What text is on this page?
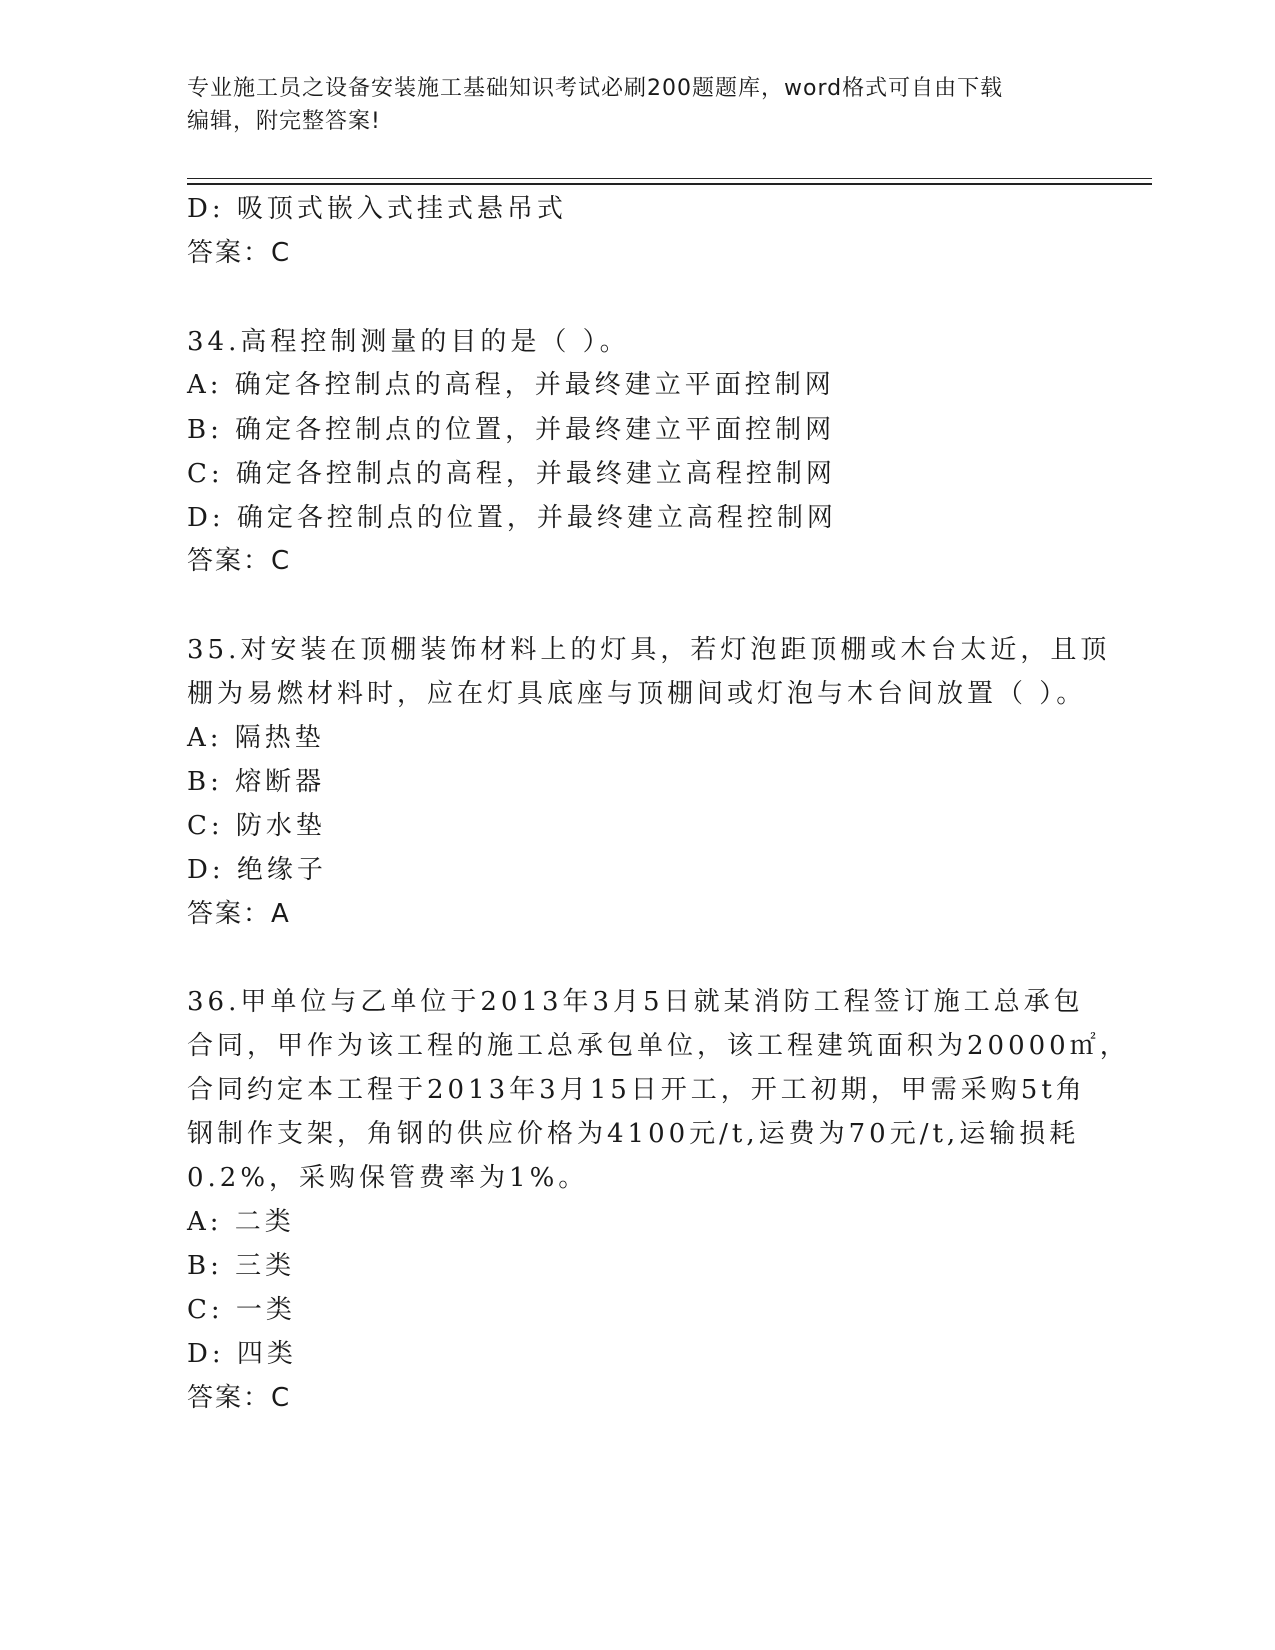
专业施工员之设备安装施工基础知识考试必刷200题题库，word格式可自由下载
编辑，附完整答案!
D: 吸顶式嵌入式挂式悬吊式
答案：C
34.高程控制测量的目的是（ ）。
A: 确定各控制点的高程，并最终建立平面控制网
B: 确定各控制点的位置，并最终建立平面控制网
C: 确定各控制点的高程，并最终建立高程控制网
D: 确定各控制点的位置，并最终建立高程控制网
答案：C
35.对安装在顶棚装饰材料上的灯具，若灯泡距顶棚或木台太近，且顶
棚为易燃材料时，应在灯具底座与顶棚间或灯泡与木台间放置（ ）。
A: 隔热垫
B: 熔断器
C: 防水垫
D: 绝缘子
答案：A
36.甲单位与乙单位于2013年3月5日就某消防工程签订施工总承包
合同，甲作为该工程的施工总承包单位，该工程建筑面积为20000㎡，
合同约定本工程于2013年3月15日开工，开工初期，甲需采购5t角
钢制作支架，角钢的供应价格为4100元/t,运费为70元/t,运输损耗
0.2%，采购保管费率为1%。
A: 二类
B: 三类
C: 一类
D: 四类
答案：C
